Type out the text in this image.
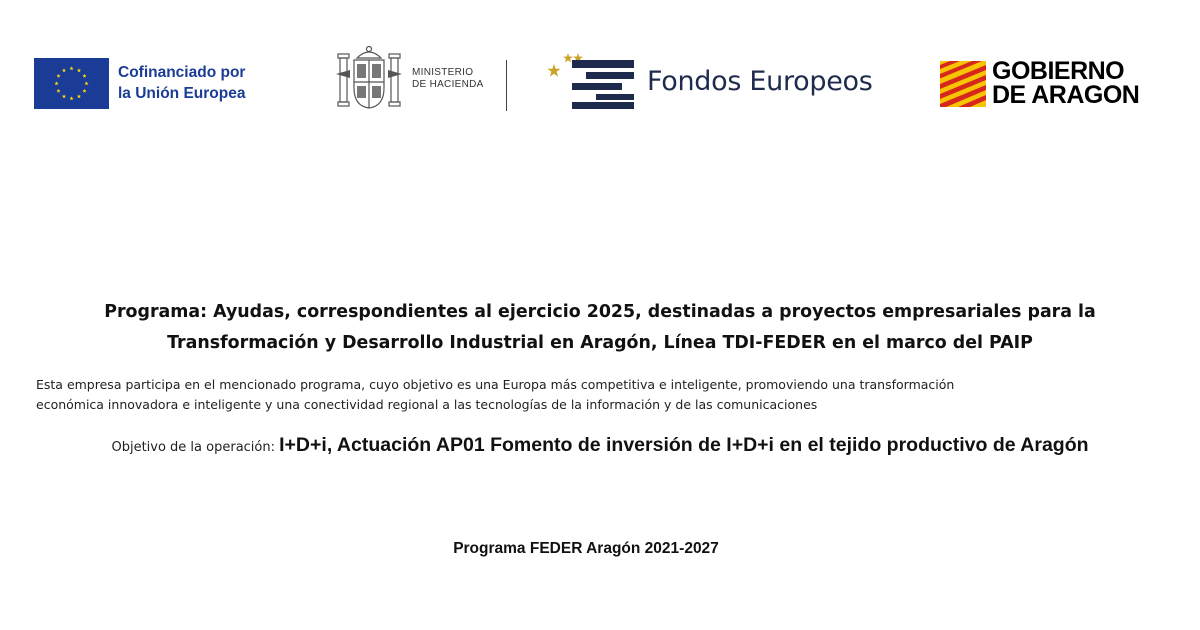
Cofinanciado por
la Unión Europea
MINISTERIO
DE HACIENDA	Fondos Europeos	GOBIERNO
DE ARAGON
Programa: Ayudas, correspondientes al ejercicio 2025, destinadas a proyectos empresariales para la
Transformación y Desarrollo Industrial en Aragón, Línea TDI-FEDER en el marco del PAIP
Esta empresa participa en el mencionado programa, cuyo objetivo es una Europa más competitiva e inteligente, promoviendo una transformación
económica innovadora e inteligente y una conectividad regional a las tecnologías de la información y de las comunicaciones
Objetivo de la operación: I+D+i, Actuación AP01 Fomento de inversión de I+D+i en el tejido productivo de Aragón
Programa FEDER Aragón 2021-2027
